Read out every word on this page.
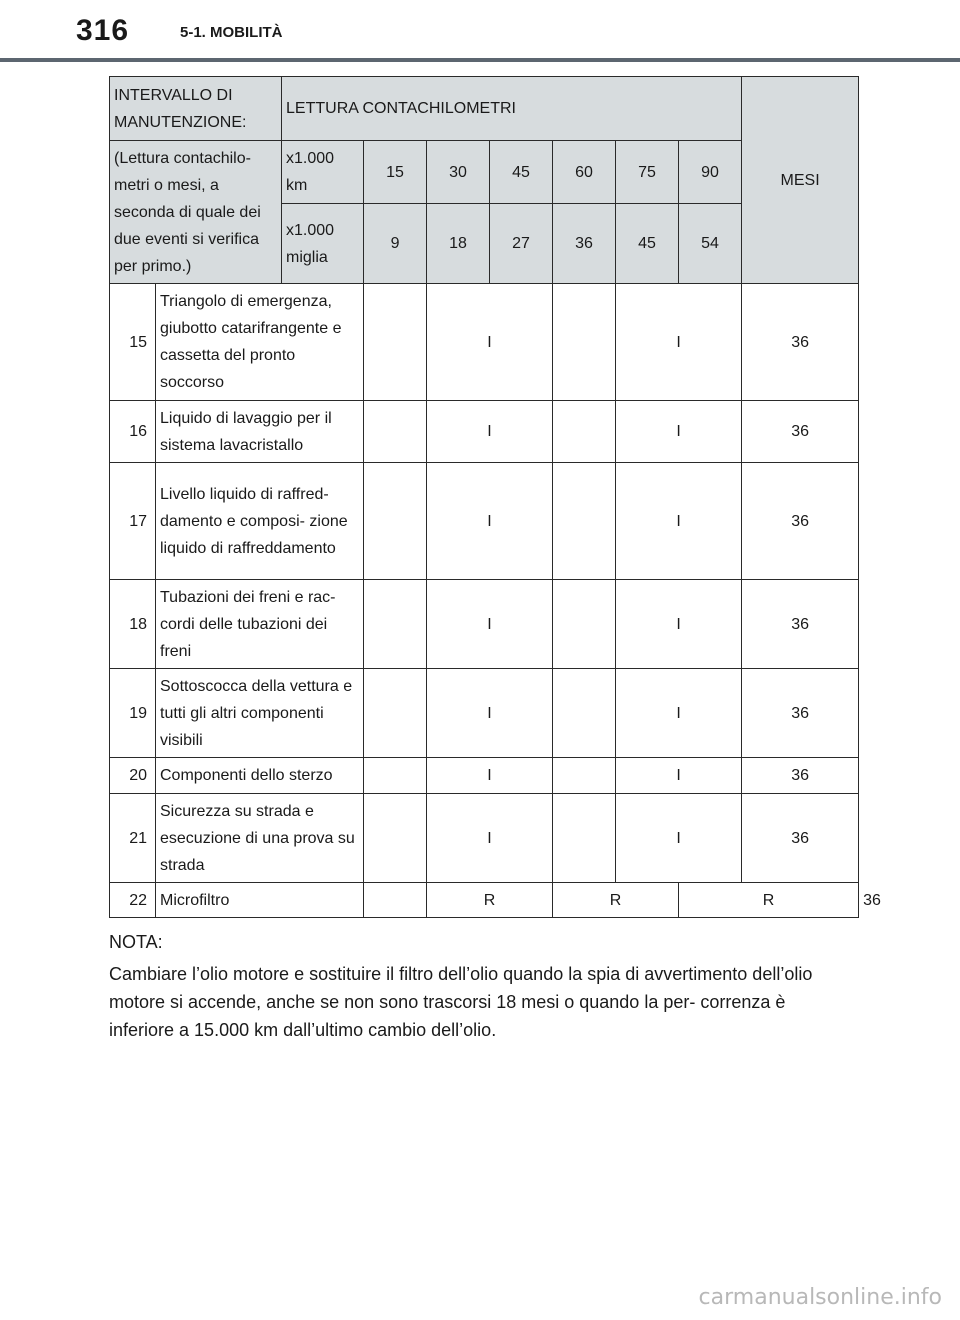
316	5-1. MOBILITÀ
INTERVALLO DI MANUTENZIONE:		LETTURA CONTACHILOMETRI							MESI	
(Lettura contachilo- metri o mesi, a seconda di quale dei due eventi si verifica per primo.)		x1.000 km	15	30	45	60	75	90		
		x1.000 miglia	9	18	27	36	45	54		
15	Triangolo di emergenza, giubotto catarifrangente e cassetta del pronto soccorso			I			I		36	
16	Liquido di lavaggio per il sistema lavacristallo			I			I		36	
17	Livello liquido di raffred- damento e composi- zione liquido di raffreddamento			I			I		36	
18	Tubazioni dei freni e rac- cordi delle tubazioni dei freni			I			I		36	
19	Sottoscocca della vettura e tutti gli altri componenti visibili			I			I		36	
20	Componenti dello sterzo			I			I		36	
21	Sicurezza su strada e esecuzione di una prova su strada			I			I		36	
22	Microfiltro			R		R		R		36

NOTA:

Cambiare l’olio motore e sostituire il filtro dell’olio quando la spia di avvertimento dell’olio motore si accende, anche se non sono trascorsi 18 mesi o quando la per- correnza è inferiore a 15.000 km dall’ultimo cambio dell’olio.

carmanualsonline.info
